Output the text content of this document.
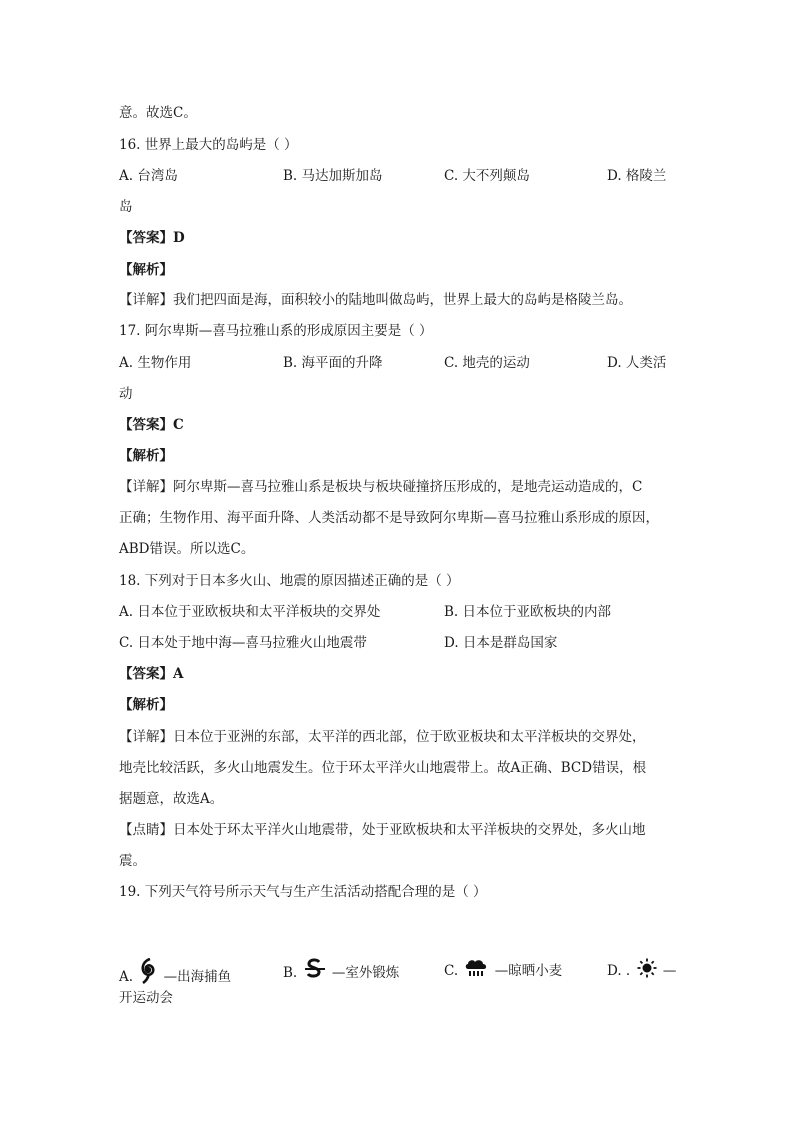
意。故选C。
16. 世界上最大的岛屿是（ ）
A. 台湾岛	B. 马达加斯加岛	C. 大不列颠岛	D. 格陵兰
岛
【答案】D
【解析】
【详解】我们把四面是海，面积较小的陆地叫做岛屿，世界上最大的岛屿是格陵兰岛。
17. 阿尔卑斯—喜马拉雅山系的形成原因主要是（ ）
A. 生物作用	B. 海平面的升降	C. 地壳的运动	D. 人类活
动
【答案】C
【解析】
【详解】阿尔卑斯—喜马拉雅山系是板块与板块碰撞挤压形成的，是地壳运动造成的，C
正确；生物作用、海平面升降、人类活动都不是导致阿尔卑斯—喜马拉雅山系形成的原因，
ABD错误。所以选C。
18. 下列对于日本多火山、地震的原因描述正确的是（ ）
A. 日本位于亚欧板块和太平洋板块的交界处	B. 日本位于亚欧板块的内部
C. 日本处于地中海—喜马拉雅火山地震带	D. 日本是群岛国家
【答案】A
【解析】
【详解】日本位于亚洲的东部，太平洋的西北部，位于欧亚板块和太平洋板块的交界处，
地壳比较活跃，多火山地震发生。位于环太平洋火山地震带上。故A正确、BCD错误，根
据题意，故选A。
【点睛】日本处于环太平洋火山地震带，处于亚欧板块和太平洋板块的交界处，多火山地
震。
19. 下列天气符号所示天气与生产生活活动搭配合理的是（ ）
A. —出海捕鱼	B.	—室外锻炼	C.	—晾晒小麦	D. . —
开运动会
